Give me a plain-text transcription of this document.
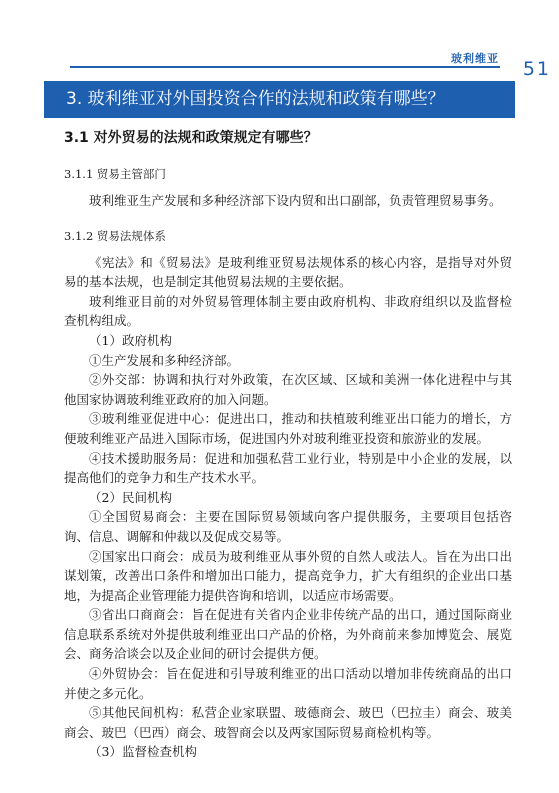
玻利维亚 51
3. 玻利维亚对外国投资合作的法规和政策有哪些？
3.1 对外贸易的法规和政策规定有哪些？
3.1.1 贸易主管部门

玻利维亚生产发展和多种经济部下设内贸和出口副部，负责管理贸易事务。

3.1.2 贸易法规体系

《宪法》和《贸易法》是玻利维亚贸易法规体系的核心内容，是指导对外贸易的基本法规，也是制定其他贸易法规的主要依据。

玻利维亚目前的对外贸易管理体制主要由政府机构、非政府组织以及监督检查机构组成。

（1）政府机构

①生产发展和多种经济部。

②外交部：协调和执行对外政策，在次区域、区域和美洲一体化进程中与其他国家协调玻利维亚政府的加入问题。

③玻利维亚促进中心：促进出口，推动和扶植玻利维亚出口能力的增长，方便玻利维亚产品进入国际市场，促进国内外对玻利维亚投资和旅游业的发展。

④技术援助服务局：促进和加强私营工业行业，特别是中小企业的发展，以提高他们的竞争力和生产技术水平。

（2）民间机构

①全国贸易商会：主要在国际贸易领域向客户提供服务，主要项目包括咨询、信息、调解和仲裁以及促成交易等。

②国家出口商会：成员为玻利维亚从事外贸的自然人或法人。旨在为出口出谋划策，改善出口条件和增加出口能力，提高竞争力，扩大有组织的企业出口基地，为提高企业管理能力提供咨询和培训，以适应市场需要。

③省出口商商会：旨在促进有关省内企业非传统产品的出口，通过国际商业信息联系系统对外提供玻利维亚出口产品的价格，为外商前来参加博览会、展览会、商务洽谈会以及企业间的研讨会提供方便。

④外贸协会：旨在促进和引导玻利维亚的出口活动以增加非传统商品的出口并使之多元化。

⑤其他民间机构：私营企业家联盟、玻德商会、玻巴（巴拉圭）商会、玻美商会、玻巴（巴西）商会、玻智商会以及两家国际贸易商检机构等。

（3）监督检查机构
